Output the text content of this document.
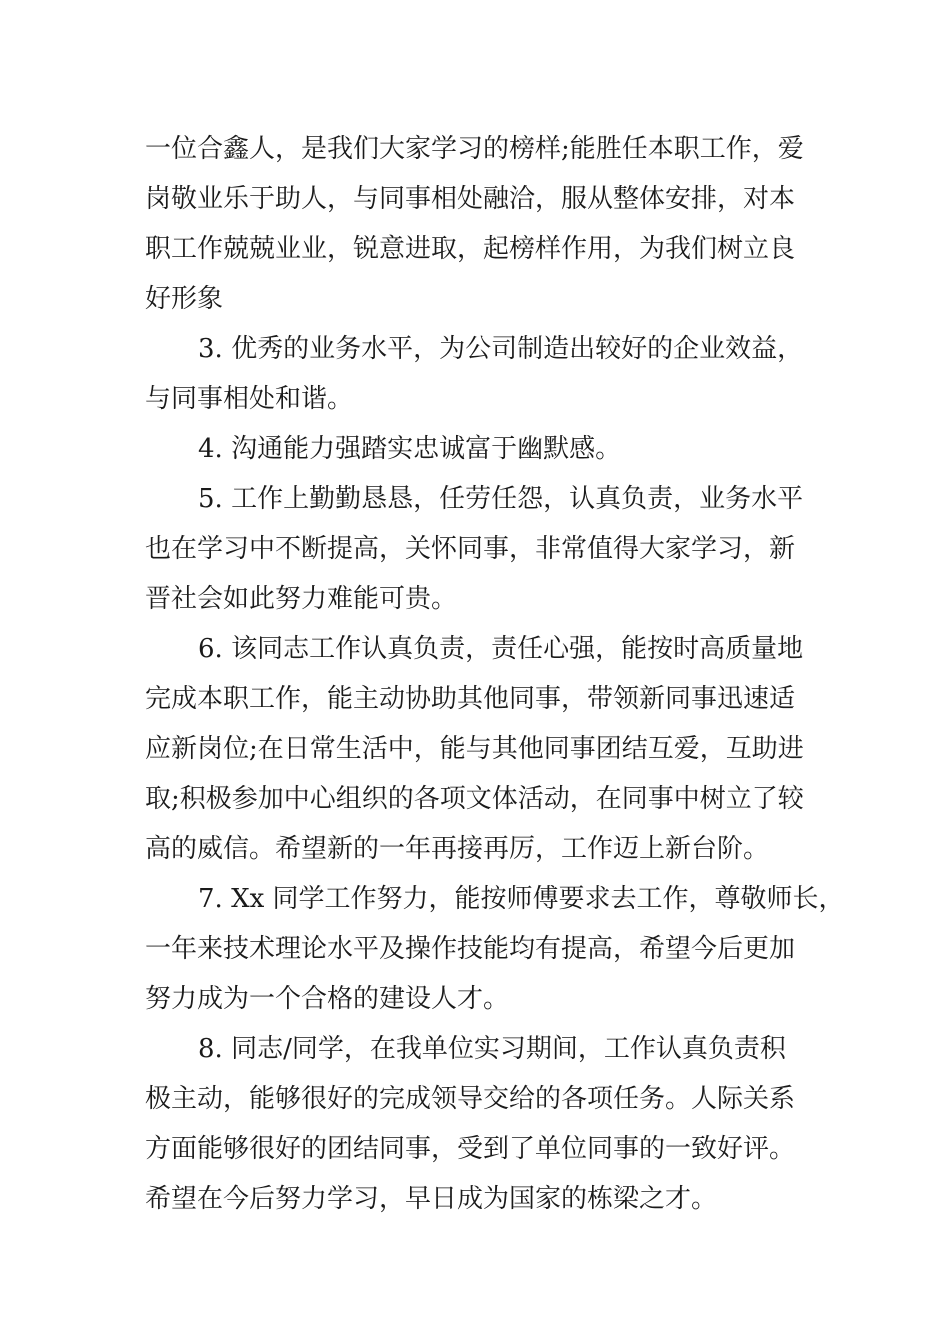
一位合鑫人，是我们大家学习的榜样;能胜任本职工作，爱
岗敬业乐于助人，与同事相处融洽，服从整体安排，对本
职工作兢兢业业，锐意进取，起榜样作用，为我们树立良
好形象
3. 优秀的业务水平，为公司制造出较好的企业效益，
与同事相处和谐。
4. 沟通能力强踏实忠诚富于幽默感。
5. 工作上勤勤恳恳，任劳任怨，认真负责，业务水平
也在学习中不断提高，关怀同事，非常值得大家学习，新
晋社会如此努力难能可贵。
6. 该同志工作认真负责，责任心强，能按时高质量地
完成本职工作，能主动协助其他同事，带领新同事迅速适
应新岗位;在日常生活中，能与其他同事团结互爱，互助进
取;积极参加中心组织的各项文体活动，在同事中树立了较
高的威信。希望新的一年再接再厉，工作迈上新台阶。
7. Xx 同学工作努力，能按师傅要求去工作，尊敬师长，
一年来技术理论水平及操作技能均有提高，希望今后更加
努力成为一个合格的建设人才。
8. 同志/同学，在我单位实习期间，工作认真负责积
极主动，能够很好的完成领导交给的各项任务。人际关系
方面能够很好的团结同事，受到了单位同事的一致好评。
希望在今后努力学习，早日成为国家的栋梁之才。
